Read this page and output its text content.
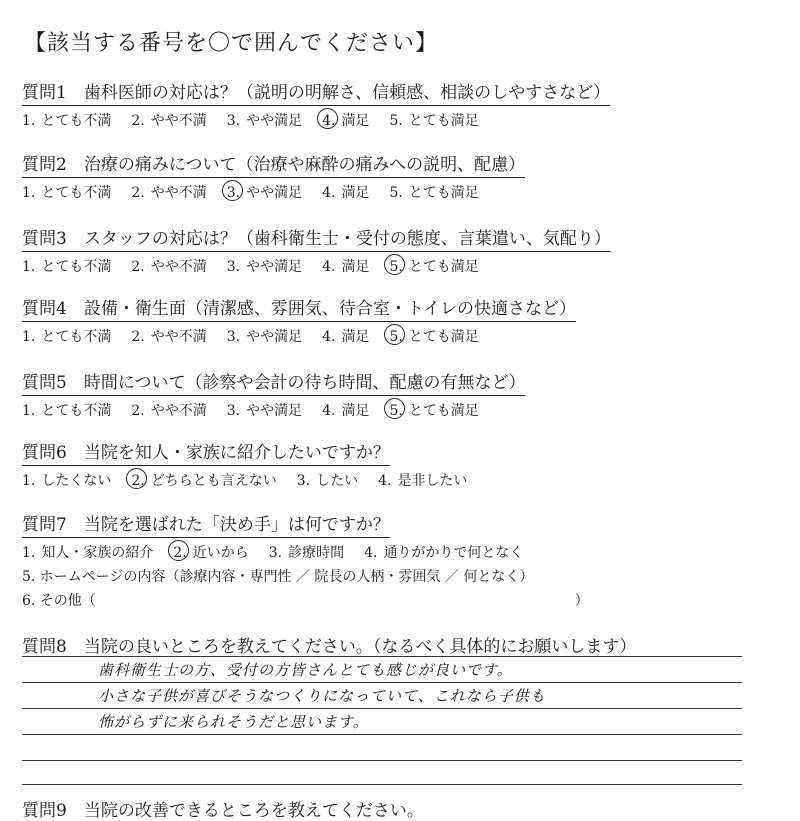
【該当する番号を〇で囲んでください】
質問1　歯科医師の対応は？（説明の明解さ、信頼感、相談のしやすさなど）
1. とても不満 2. やや不満 3. やや満足 4. 満足 5. とても満足
質問2　治療の痛みについて（治療や麻酔の痛みへの説明、配慮）
1. とても不満 2. やや不満 3. やや満足 4. 満足 5. とても満足
質問3　スタッフの対応は？（歯科衛生士・受付の態度、言葉遣い、気配り）
1. とても不満 2. やや不満 3. やや満足 4. 満足 5. とても満足
質問4　設備・衛生面（清潔感、雰囲気、待合室・トイレの快適さなど）
1. とても不満 2. やや不満 3. やや満足 4. 満足 5. とても満足
質問5　時間について（診察や会計の待ち時間、配慮の有無など）
1. とても不満 2. やや不満 3. やや満足 4. 満足 5. とても満足
質問6　当院を知人・家族に紹介したいですか？
1. したくない 2. どちらとも言えない 3. したい 4. 是非したい
質問7　当院を選ばれた「決め手」は何ですか？
1. 知人・家族の紹介 2. 近いから 3. 診療時間 4. 通りがかりで何となく
5. ホームページの内容（診療内容・専門性 ／ 院長の人柄・雰囲気 ／ 何となく）
6. その他（	）
質問8　当院の良いところを教えてください。（なるべく具体的にお願いします）
歯科衛生士の方、受付の方皆さんとても感じが良いです。
小さな子供が喜びそうなつくりになっていて、これなら子供も
怖がらずに来られそうだと思います。
質問9　当院の改善できるところを教えてください。
